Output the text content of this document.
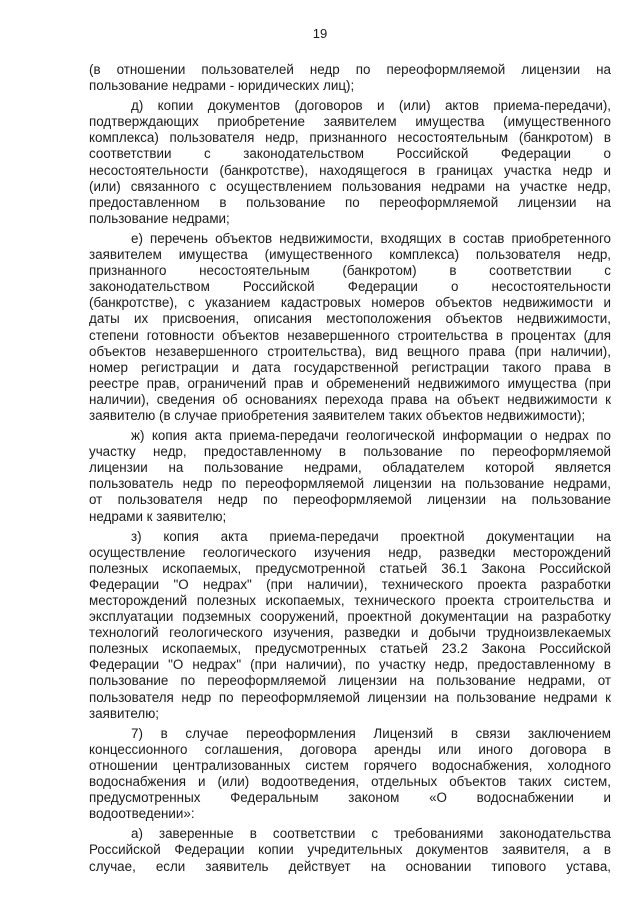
19
(в отношении пользователей недр по переоформляемой лицензии на
пользование недрами - юридических лиц);
д) копии документов (договоров и (или) актов приема-передачи),
подтверждающих приобретение заявителем имущества (имущественного
комплекса) пользователя недр, признанного несостоятельным (банкротом) в
соответствии с законодательством Российской Федерации о
несостоятельности (банкротстве), находящегося в границах участка недр и
(или) связанного с осуществлением пользования недрами на участке недр,
предоставленном в пользование по переоформляемой лицензии на
пользование недрами;
е) перечень объектов недвижимости, входящих в состав приобретенного
заявителем имущества (имущественного комплекса) пользователя недр,
признанного несостоятельным (банкротом) в соответствии с
законодательством Российской Федерации о несостоятельности
(банкротстве), с указанием кадастровых номеров объектов недвижимости и
даты их присвоения, описания местоположения объектов недвижимости,
степени готовности объектов незавершенного строительства в процентах (для
объектов незавершенного строительства), вид вещного права (при наличии),
номер регистрации и дата государственной регистрации такого права в
реестре прав, ограничений прав и обременений недвижимого имущества (при
наличии), сведения об основаниях перехода права на объект недвижимости к
заявителю (в случае приобретения заявителем таких объектов недвижимости);
ж) копия акта приема-передачи геологической информации о недрах по
участку недр, предоставленному в пользование по переоформляемой
лицензии на пользование недрами, обладателем которой является
пользователь недр по переоформляемой лицензии на пользование недрами,
от пользователя недр по переоформляемой лицензии на пользование
недрами к заявителю;
з) копия акта приема-передачи проектной документации на
осуществление геологического изучения недр, разведки месторождений
полезных ископаемых, предусмотренной статьей 36.1 Закона Российской
Федерации "О недрах" (при наличии), технического проекта разработки
месторождений полезных ископаемых, технического проекта строительства и
эксплуатации подземных сооружений, проектной документации на разработку
технологий геологического изучения, разведки и добычи трудноизвлекаемых
полезных ископаемых, предусмотренных статьей 23.2 Закона Российской
Федерации "О недрах" (при наличии), по участку недр, предоставленному в
пользование по переоформляемой лицензии на пользование недрами, от
пользователя недр по переоформляемой лицензии на пользование недрами к
заявителю;
7) в случае переоформления Лицензий в связи заключением
концессионного соглашения, договора аренды или иного договора в
отношении централизованных систем горячего водоснабжения, холодного
водоснабжения и (или) водоотведения, отдельных объектов таких систем,
предусмотренных Федеральным законом «О водоснабжении и
водоотведении»:
а) заверенные в соответствии с требованиями законодательства
Российской Федерации копии учредительных документов заявителя, а в
случае, если заявитель действует на основании типового устава,
